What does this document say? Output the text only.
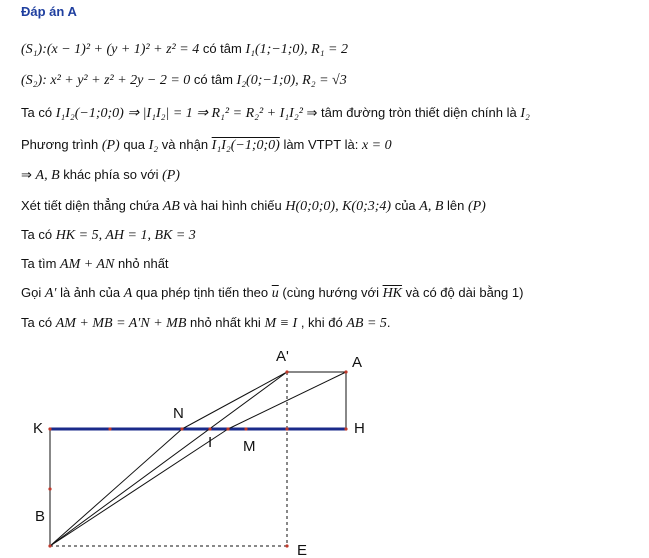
Đáp án A
(S₁):(x − 1)² + (y + 1)² + z² = 4 có tâm I₁(1;−1;0), R₁ = 2
(S₂): x² + y² + z² + 2y − 2 = 0 có tâm I₂(0;−1;0), R₂ = √3
Ta có I₁I₂(−1;0;0) ⇒ |I₁I₂| = 1 ⇒ R₁² = R₂² + I₁I₂² ⇒ tâm đường tròn thiết diện chính là I₂
Phương trình (P) qua I₂ và nhận I₁I₂(−1;0;0) làm VTPT là: x = 0
⇒ A, B khác phía so với (P)
Xét tiết diện thẳng chứa AB và hai hình chiếu H(0;0;0), K(0;3;4) của A, B lên (P)
Ta có HK = 5, AH = 1, BK = 3
Ta tìm AM + AN nhỏ nhất
Gọi A′ là ảnh của A qua phép tịnh tiến theo $\overline{u}$ (cùng hướng với $\overline{HK}$ và có độ dài bằng 1)
Ta có AM + MB = A′N + MB nhỏ nhất khi M ≡ I , khi đó AB = 5.
A'	A
N
K	H
I M
B
E
